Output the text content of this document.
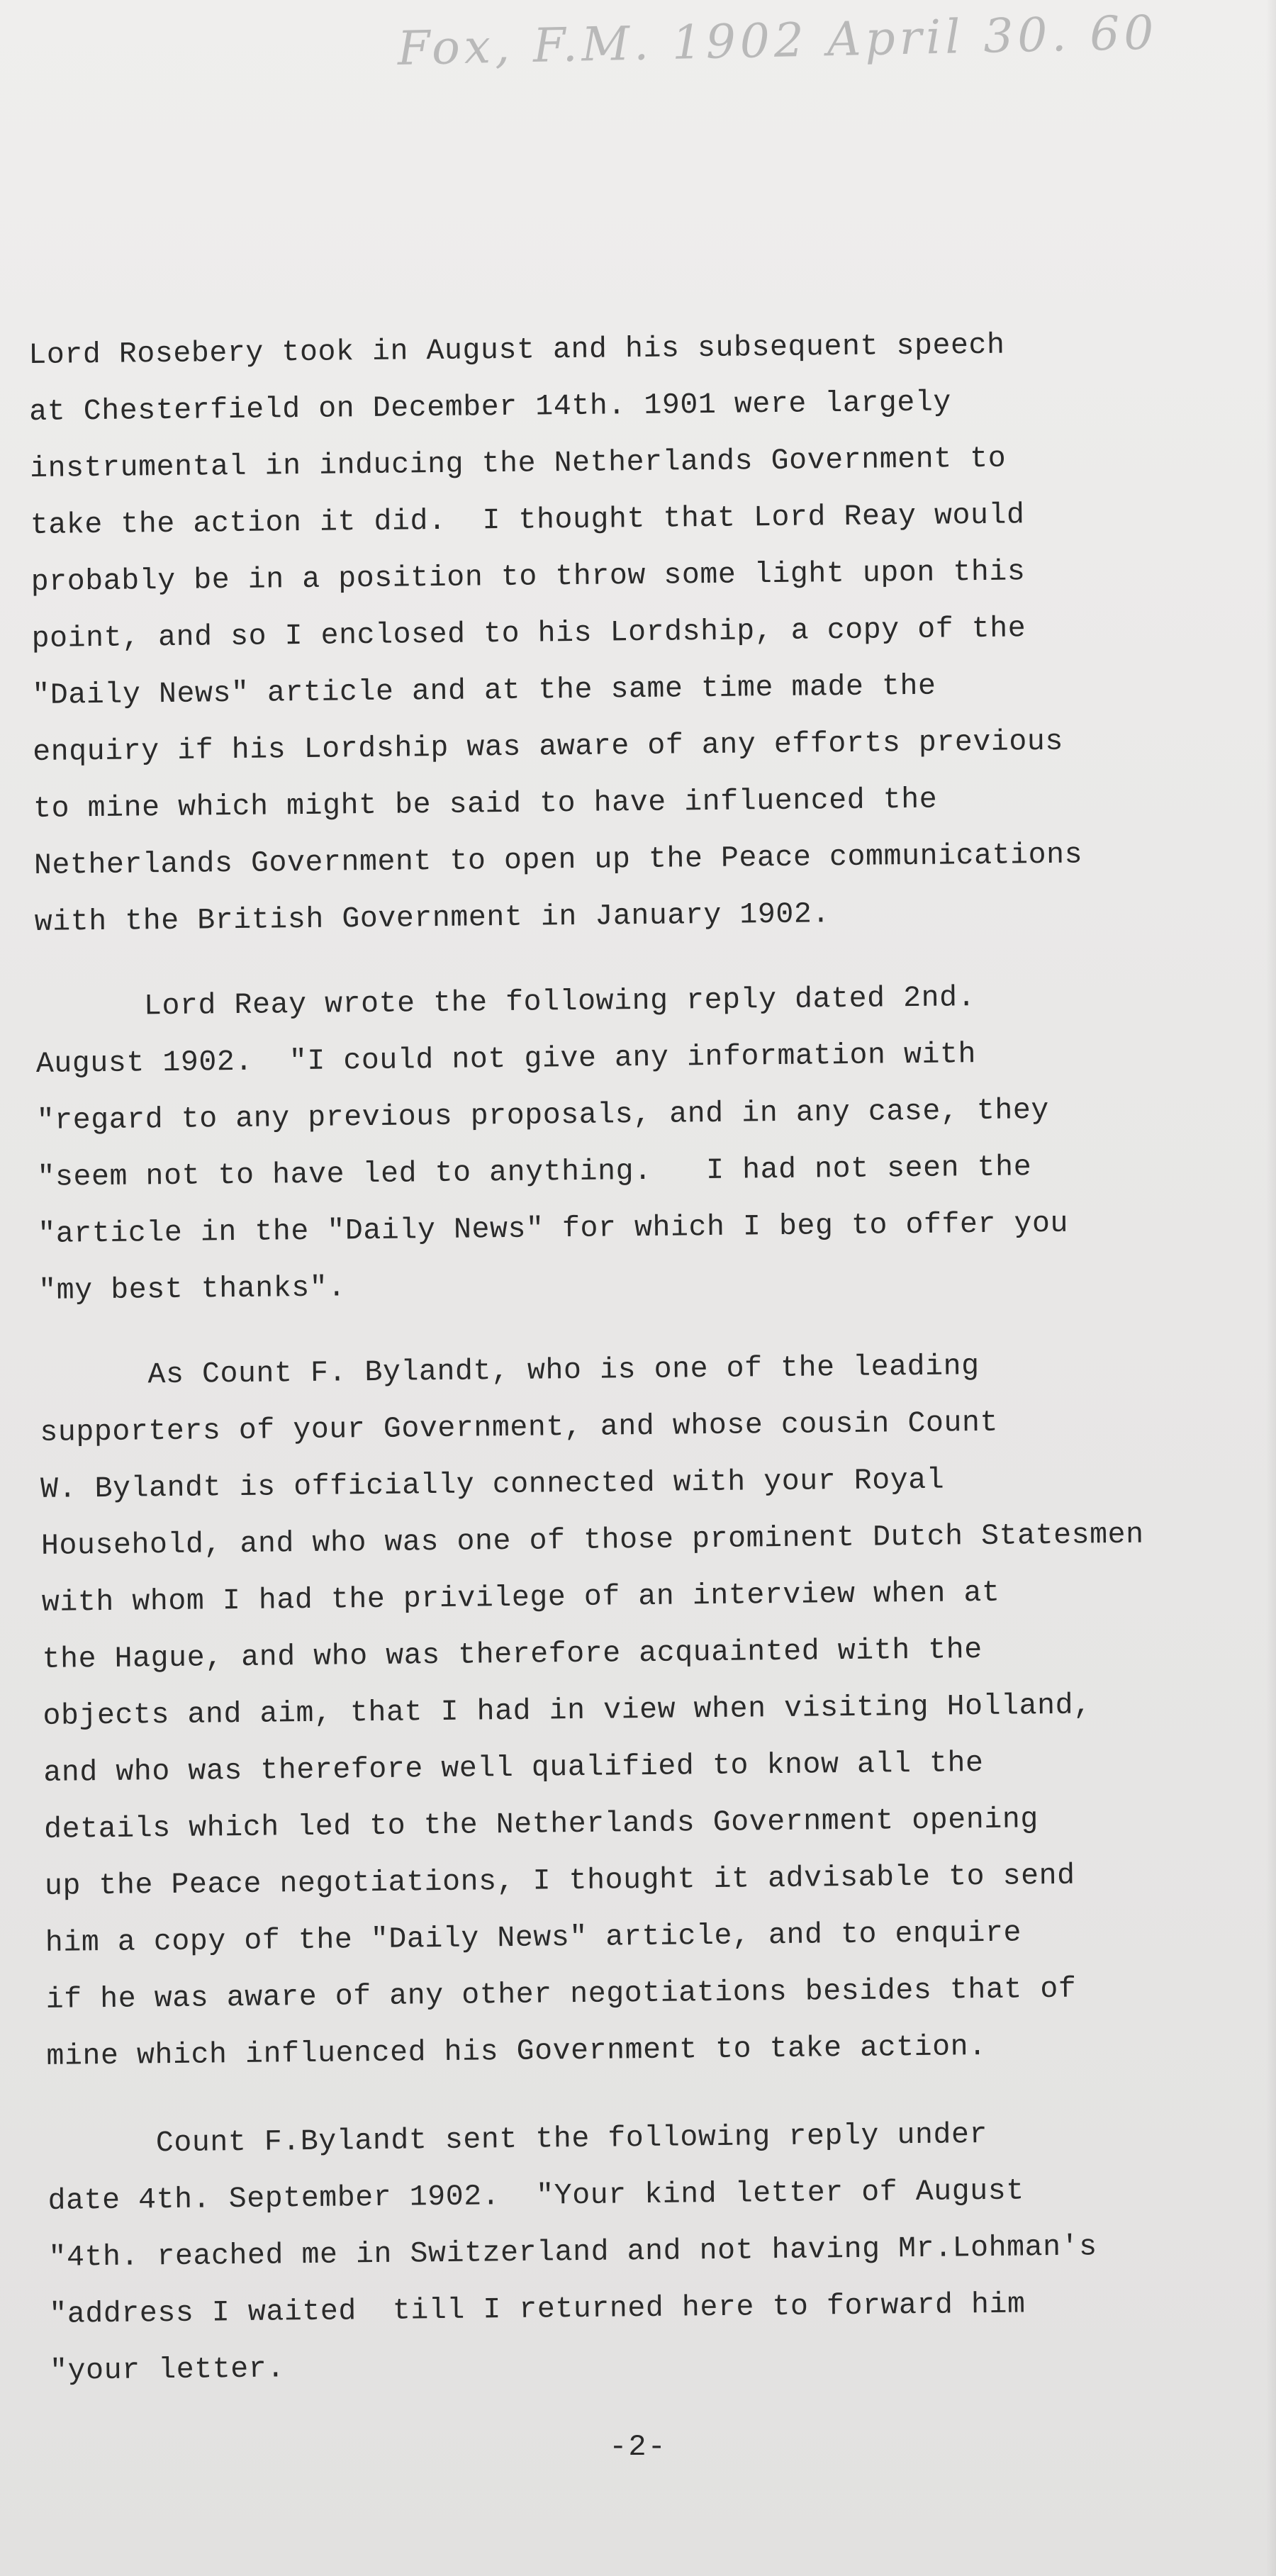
Fox, F.M. 1902 April 30. 60
Lord Rosebery took in August and his subsequent speech
at Chesterfield on December 14th. 1901 were largely
instrumental in inducing the Netherlands Government to
take the action it did.  I thought that Lord Reay would
probably be in a position to throw some light upon this
point, and so I enclosed to his Lordship, a copy of the
"Daily News" article and at the same time made the
enquiry if his Lordship was aware of any efforts previous
to mine which might be said to have influenced the
Netherlands Government to open up the Peace communications
with the British Government in January 1902.
Lord Reay wrote the following reply dated 2nd.
August 1902.  "I could not give any information with
"regard to any previous proposals, and in any case, they
"seem not to have led to anything.   I had not seen the
"article in the "Daily News" for which I beg to offer you
"my best thanks".
As Count F. Bylandt, who is one of the leading
supporters of your Government, and whose cousin Count
W. Bylandt is officially connected with your Royal
Household, and who was one of those prominent Dutch Statesmen
with whom I had the privilege of an interview when at
the Hague, and who was therefore acquainted with the
objects and aim, that I had in view when visiting Holland,
and who was therefore well qualified to know all the
details which led to the Netherlands Government opening
up the Peace negotiations, I thought it advisable to send
him a copy of the "Daily News" article, and to enquire
if he was aware of any other negotiations besides that of
mine which influenced his Government to take action.
Count F.Bylandt sent the following reply under
date 4th. September 1902.  "Your kind letter of August
"4th. reached me in Switzerland and not having Mr.Lohman's
"address I waited  till I returned here to forward him
"your letter.
-2-
